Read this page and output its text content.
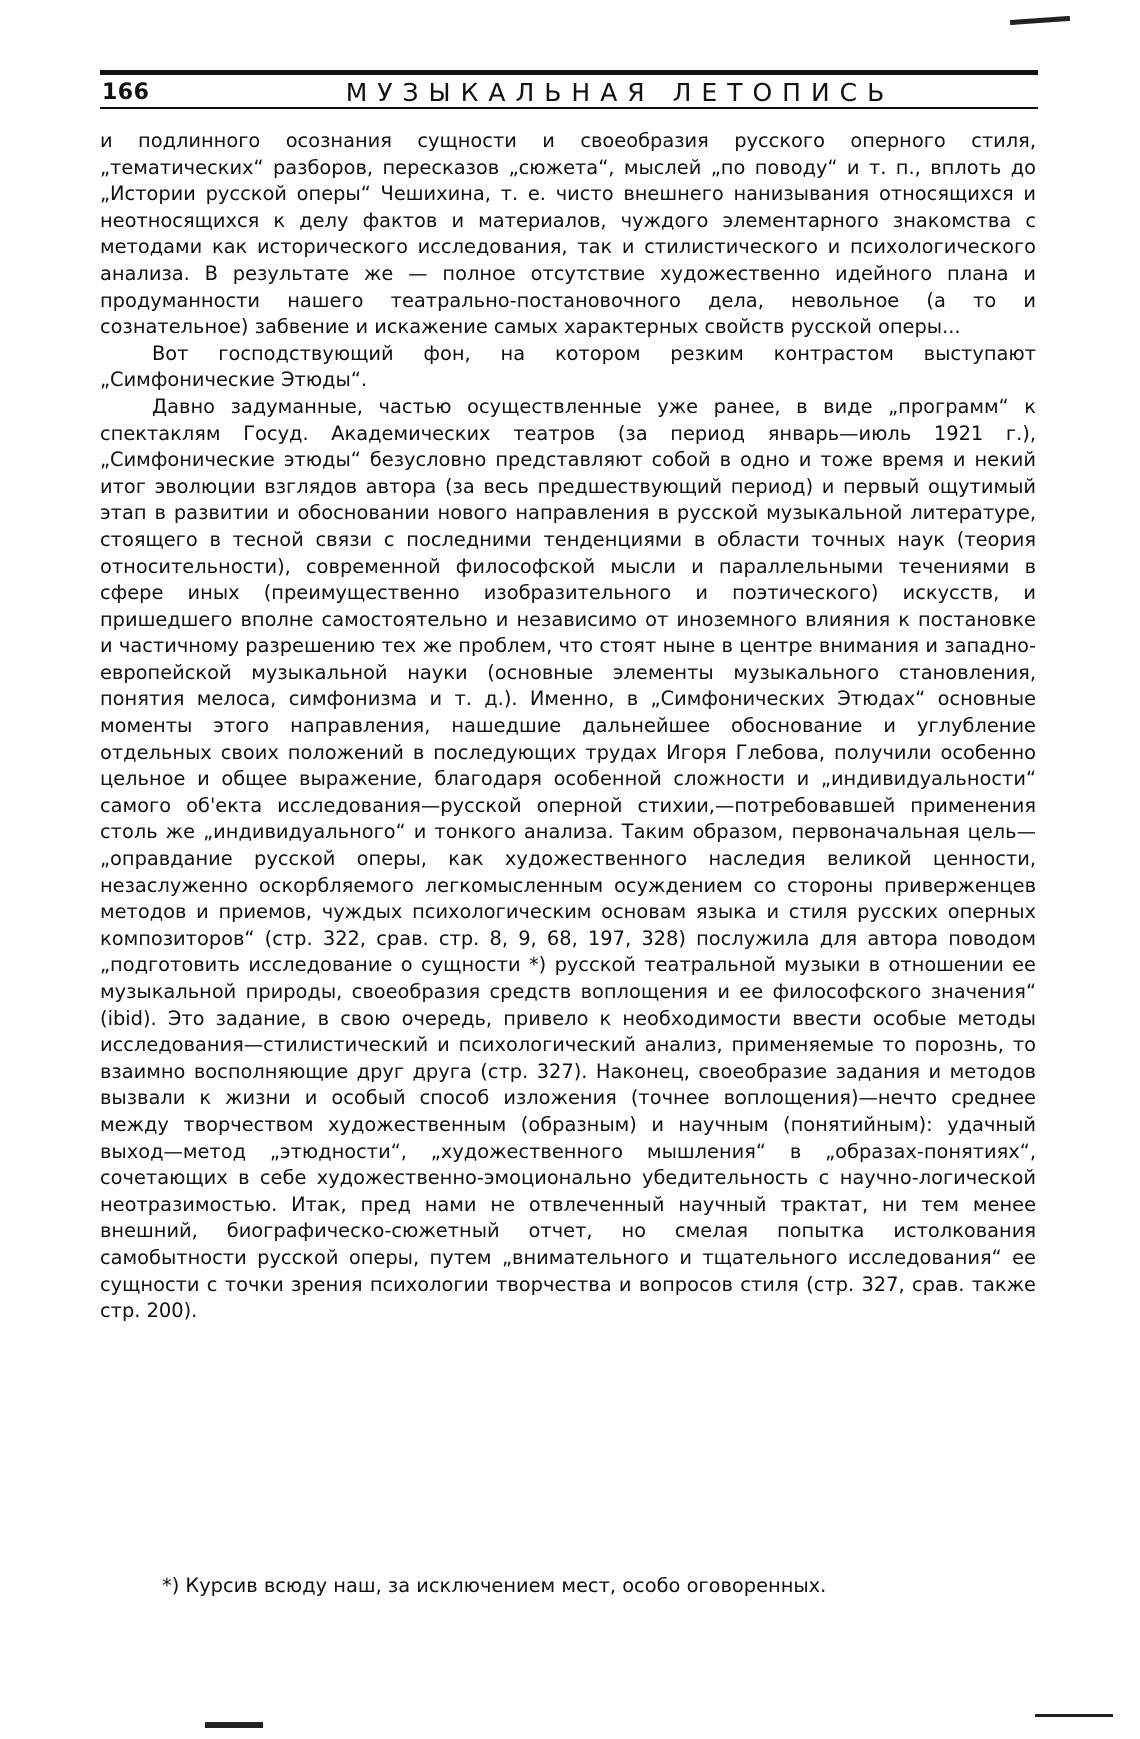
166	МУЗЫКАЛЬНАЯ ЛЕТОПИСЬ

и подлинного осознания сущности и своеобразия русского оперного стиля, „тематических“ разборов, пересказов „сюжета“, мыслей „по поводу“ и т. п., вплоть до „Истории русской оперы“ Чешихина, т. е. чисто внешнего нанизывания относящихся и неотносящихся к делу фактов и материалов, чуждого элементарного знакомства с методами как исторического исследования, так и стилистического и психологического анализа. В результате же — полное отсутствие художественно идейного плана и продуманности нашего театрально-постановочного дела, невольное (а то и сознательное) забвение и искажение самых характерных свойств русской оперы...

Вот господствующий фон, на котором резким контрастом выступают „Симфонические Этюды“.

Давно задуманные, частью осуществленные уже ранее, в виде „программ“ к спектаклям Госуд. Академических театров (за период январь—июль 1921 г.), „Симфонические этюды“ безусловно представляют собой в одно и тоже время и некий итог эволюции взглядов автора (за весь предшествующий период) и первый ощутимый этап в развитии и обосновании нового направления в русской музыкальной литературе, стоящего в тесной связи с последними тенденциями в области точных наук (теория относительности), современной философской мысли и параллельными течениями в сфере иных (преимущественно изобразительного и поэтического) искусств, и пришедшего вполне самостоятельно и независимо от иноземного влияния к постановке и частичному разрешению тех же проблем, что стоят ныне в центре внимания и западно-европейской музыкальной науки (основные элементы музыкального становления, понятия мелоса, симфонизма и т. д.). Именно, в „Симфонических Этюдах“ основные моменты этого направления, нашедшие дальнейшее обоснование и углубление отдельных своих положений в последующих трудах Игоря Глебова, получили особенно цельное и общее выражение, благодаря особенной сложности и „индивидуальности“ самого об'екта исследования—русской оперной стихии,—потребовавшей применения столь же „индивидуального“ и тонкого анализа. Таким образом, первоначальная цель—„оправдание русской оперы, как художественного наследия великой ценности, незаслуженно оскорбляемого легкомысленным осуждением со стороны приверженцев методов и приемов, чуждых психологическим основам языка и стиля русских оперных композиторов“ (стр. 322, срав. стр. 8, 9, 68, 197, 328) послужила для автора поводом „подготовить исследование о сущности *) русской театральной музыки в отношении ее музыкальной природы, своеобразия средств воплощения и ее философского значения“ (ibid). Это задание, в свою очередь, привело к необходимости ввести особые методы исследования—стилистический и психологический анализ, применяемые то порознь, то взаимно восполняющие друг друга (стр. 327). Наконец, своеобразие задания и методов вызвали к жизни и особый способ изложения (точнее воплощения)—нечто среднее между творчеством художественным (образным) и научным (понятийным): удачный выход—метод „этюдности“, „художественного мышления“ в „образах-понятиях“, сочетающих в себе художественно-эмоционально убедительность с научно-логической неотразимостью. Итак, пред нами не отвлеченный научный трактат, ни тем менее внешний, биографическо-сюжетный отчет, но смелая попытка истолкования самобытности русской оперы, путем „внимательного и тщательного исследования“ ее сущности с точки зрения психологии творчества и вопросов стиля (стр. 327, срав. также стр. 200).

*) Курсив всюду наш, за исключением мест, особо оговоренных.
